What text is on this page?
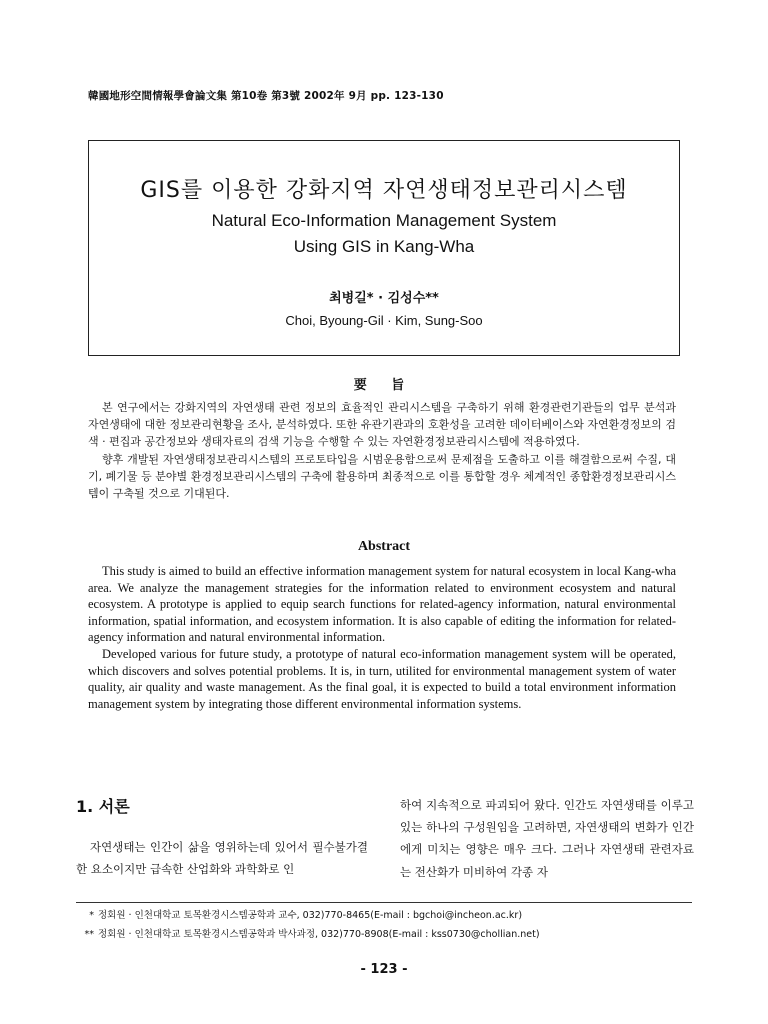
韓國地形空間情報學會論文集 第10卷 第3號 2002年 9月 pp. 123-130
GIS를 이용한 강화지역 자연생태정보관리시스템
Natural Eco-Information Management System
Using GIS in Kang-Wha
최병길* · 김성수**
Choi, Byoung-Gil · Kim, Sung-Soo
要 旨

본 연구에서는 강화지역의 자연생태 관련 정보의 효율적인 관리시스템을 구축하기 위해 환경관련기관들의 업무 분석과 자연생태에 대한 정보관리현황을 조사, 분석하였다. 또한 유관기관과의 호환성을 고려한 데이터베이스와 자연환경정보의 검색 · 편집과 공간정보와 생태자료의 검색 기능을 수행할 수 있는 자연환경정보관리시스템에 적용하였다.

향후 개발된 자연생태정보관리시스템의 프로토타입을 시범운용함으로써 문제점을 도출하고 이를 해결함으로써 수질, 대기, 폐기물 등 분야별 환경정보관리시스템의 구축에 활용하며 최종적으로 이를 통합할 경우 체계적인 종합환경정보관리시스템이 구축될 것으로 기대된다.

Abstract

This study is aimed to build an effective information management system for natural ecosystem in local Kang-wha area. We analyze the management strategies for the information related to environment ecosystem and natural ecosystem. A prototype is applied to equip search functions for related-agency information, natural environmental information, spatial information, and ecosystem information. It is also capable of editing the information for related-agency information and natural environmental information.

Developed various for future study, a prototype of natural eco-information management system will be operated, which discovers and solves potential problems. It is, in turn, utilited for environmental management system of water quality, air quality and waste management. As the final goal, it is expected to build a total environment information management system by integrating those different environmental information systems.

1. 서론

자연생태는 인간이 삶을 영위하는데 있어서 필수불가결한 요소이지만 급속한 산업화와 과학화로 인

하여 지속적으로 파괴되어 왔다. 인간도 자연생태를 이루고 있는 하나의 구성원임을 고려하면, 자연생태의 변화가 인간에게 미치는 영향은 매우 크다. 그러나 자연생태 관련자료는 전산화가 미비하여 각종 자

* 정회원 · 인천대학교 토목환경시스템공학과 교수, 032)770-8465(E-mail : bgchoi@incheon.ac.kr)
** 정회원 · 인천대학교 토목환경시스템공학과 박사과정, 032)770-8908(E-mail : kss0730@chollian.net)
- 123 -
